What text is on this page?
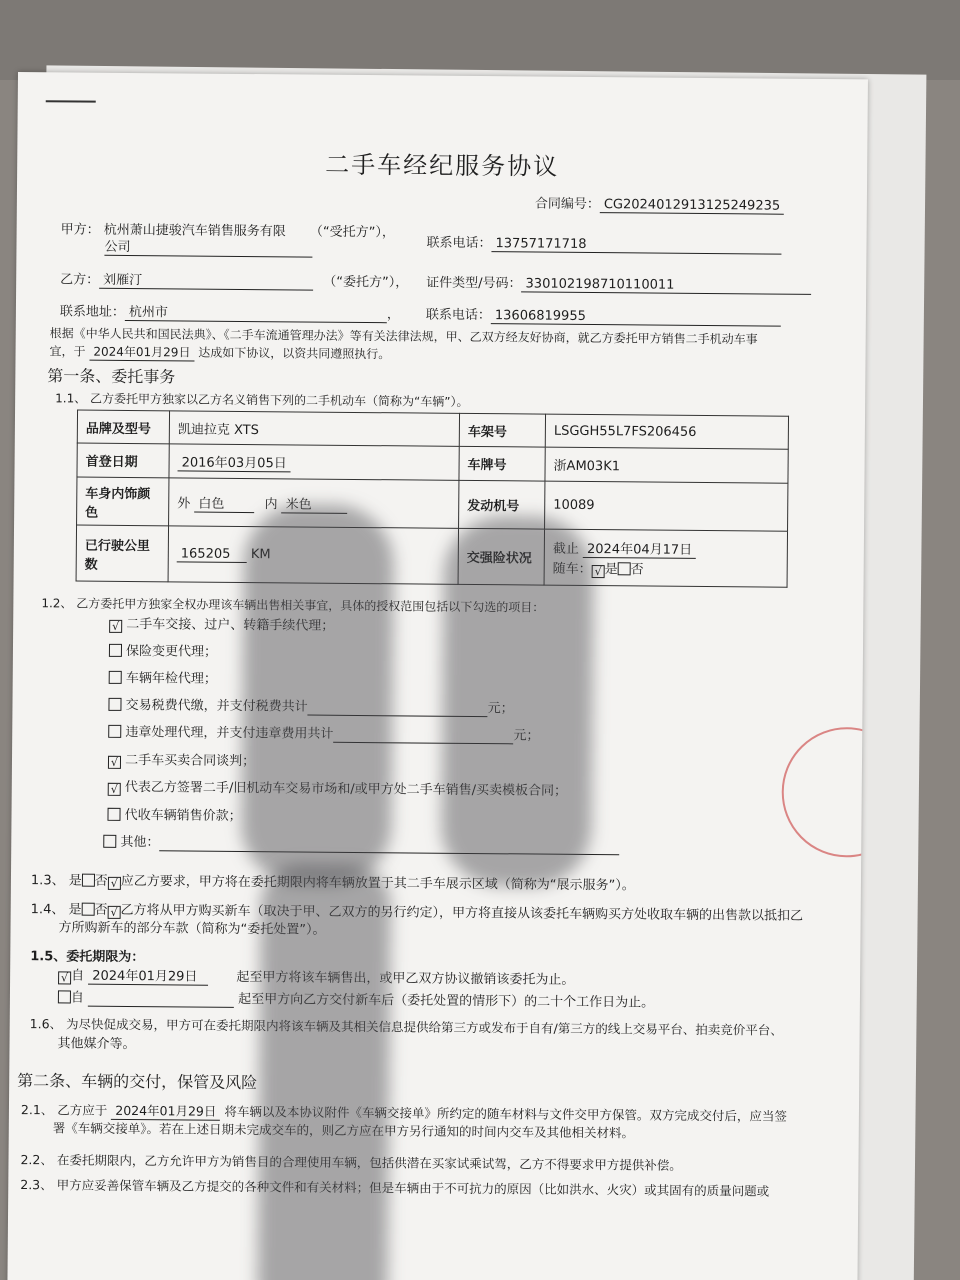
二手车经纪服务协议
合同编号： CG2024012913125249235
甲方： 杭州萧山捷骏汽车销售服务有限 （“受托方”），
公司	联系电话： 13757171718
乙方： 刘雁汀	（“委托方”）， 证件类型/号码： 330102198710110011
联系地址： 杭州市	， 联系电话： 13606819955
根据《中华人民共和国民法典》、《二手车流通管理办法》等有关法律法规，甲、乙双方经友好协商，就乙方委托甲方销售二手机动车事
宜，于 2024年01月29日 达成如下协议，以资共同遵照执行。
第一条、委托事务
1.1、 乙方委托甲方独家以乙方名义销售下列的二手机动车（简称为“车辆”）。
品牌及型号	凯迪拉克 XTS	车架号	LSGGH55L7FS206456
首登日期	2016年03月05日	车牌号	浙AM03K1
车身内饰颜色	外 白色 内 米色	发动机号	10089
已行驶公里数	165205 KM	交强险状况	截止 2024年04月17日
随车： √ 是 否
1.2、 乙方委托甲方独家全权办理该车辆出售相关事宜，具体的授权范围包括以下勾选的项目：
√ 二手车交接、过户、转籍手续代理；
保险变更代理；
车辆年检代理；
交易税费代缴，并支付税费共计	元；
违章处理代理，并支付违章费用共计	元；
√ 二手车买卖合同谈判；
√ 代表乙方签署二手/旧机动车交易市场和/或甲方处二手车销售/买卖模板合同；
代收车辆销售价款；
其他：
1.3、 是 否 √ 应乙方要求，甲方将在委托期限内将车辆放置于其二手车展示区域（简称为“展示服务”）。
1.4、 是 否 √ 乙方将从甲方购买新车（取决于甲、乙双方的另行约定），甲方将直接从该委托车辆购买方处收取车辆的出售款以抵扣乙
方所购新车的部分车款（简称为“委托处置”）。
1.5、委托期限为：
√ 自 2024年01月29日	起至甲方将该车辆售出，或甲乙双方协议撤销该委托为止。
自	起至甲方向乙方交付新车后（委托处置的情形下）的二十个工作日为止。
1.6、 为尽快促成交易，甲方可在委托期限内将该车辆及其相关信息提供给第三方或发布于自有/第三方的线上交易平台、拍卖竞价平台、
其他媒介等。
第二条、车辆的交付，保管及风险
2.1、 乙方应于 2024年01月29日 将车辆以及本协议附件《车辆交接单》所约定的随车材料与文件交甲方保管。双方完成交付后，应当签
署《车辆交接单》。若在上述日期未完成交车的，则乙方应在甲方另行通知的时间内交车及其他相关材料。
2.2、 在委托期限内，乙方允许甲方为销售目的合理使用车辆，包括供潜在买家试乘试驾，乙方不得要求甲方提供补偿。
2.3、 甲方应妥善保管车辆及乙方提交的各种文件和有关材料；但是车辆由于不可抗力的原因（比如洪水、火灾）或其固有的质量问题或
